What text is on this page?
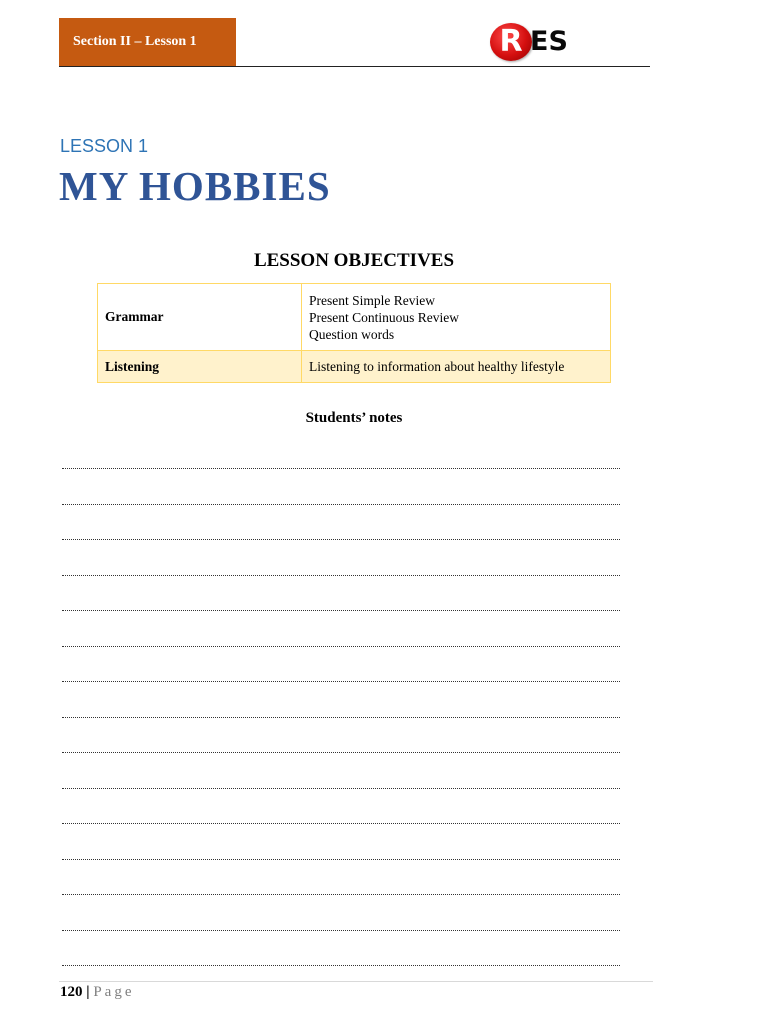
Section II – Lesson 1	R ES
LESSON 1
MY HOBBIES
LESSON OBJECTIVES
Grammar	Present Simple Review
Present Continuous Review
Question words

Listening	Listening to information about healthy lifestyle
Students’ notes
120 | Page
